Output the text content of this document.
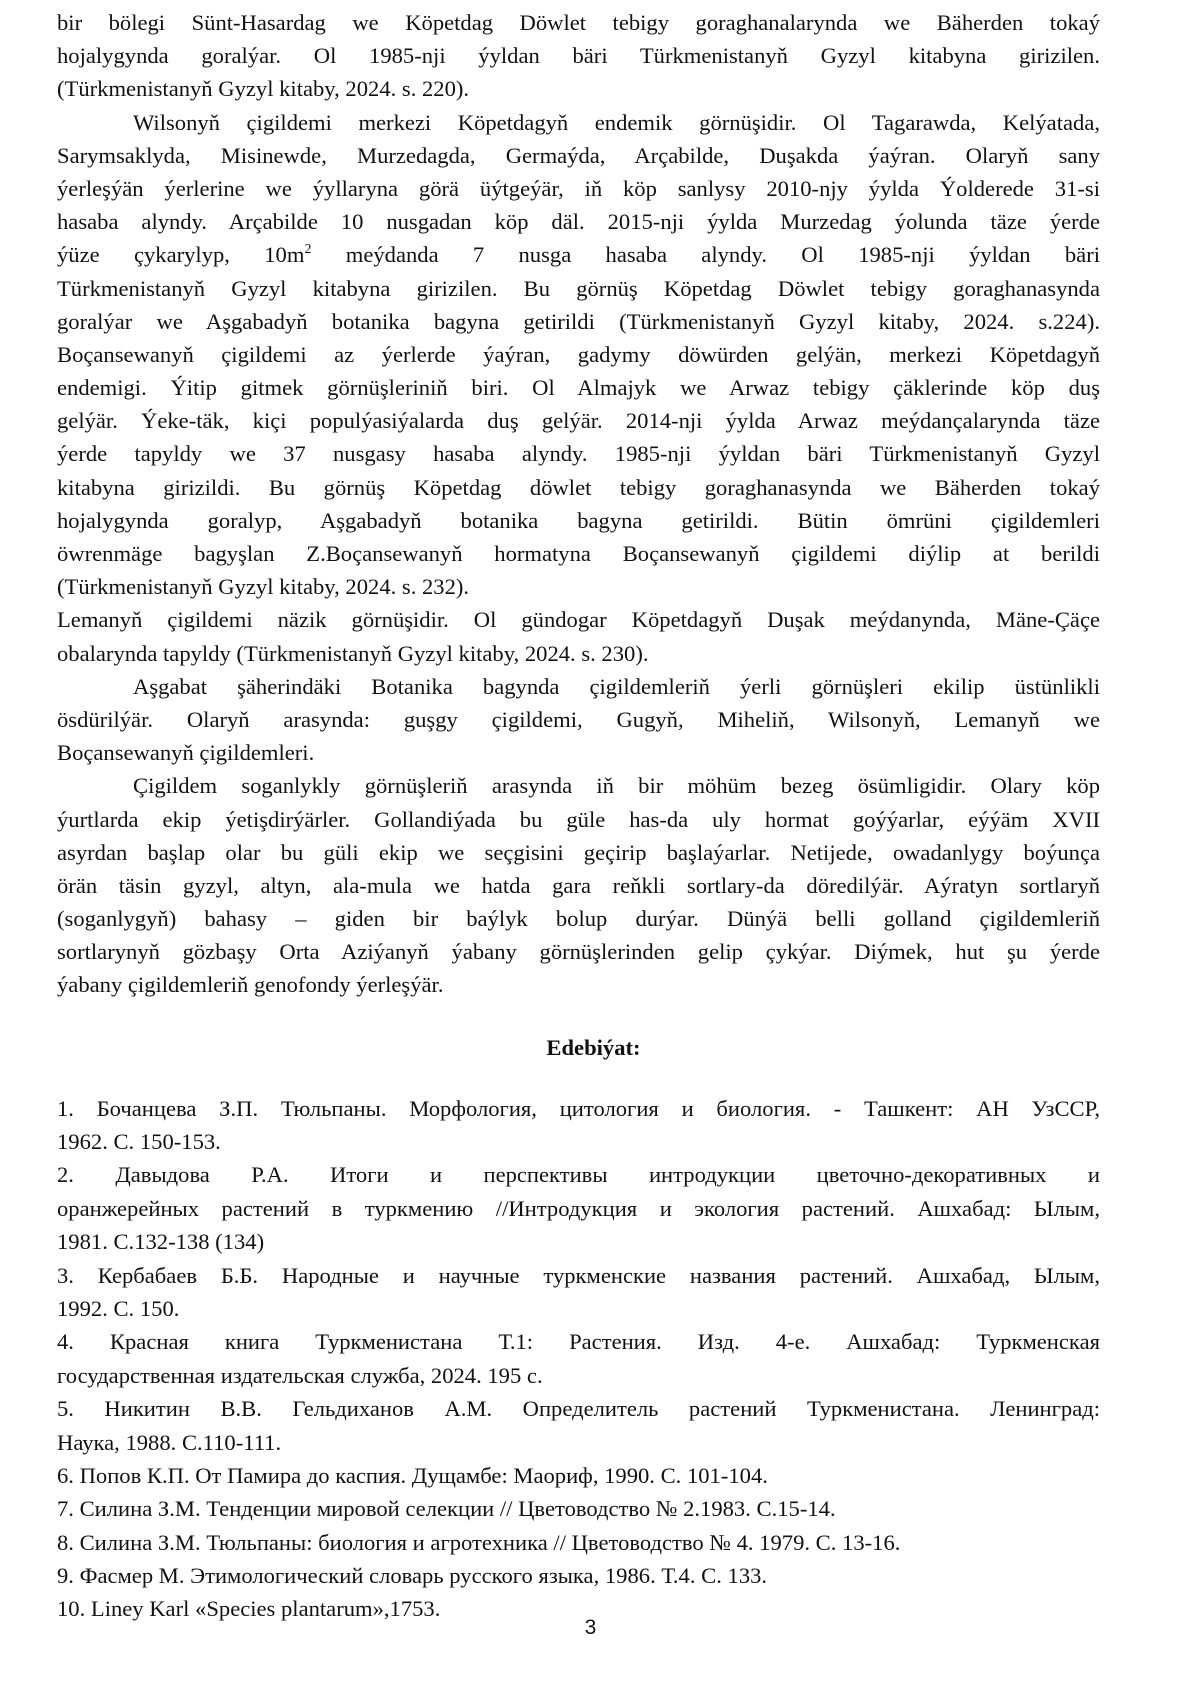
bir bölegi Sünt-Hasardag we Köpetdag Döwlet tebigy goraghanalarynda we Bäherden tokaý
hojalygynda goralýar. Ol 1985-nji ýyldan bäri Türkmenistanyň Gyzyl kitabyna girizilen.
(Türkmenistanyň Gyzyl kitaby, 2024. s. 220).
Wilsonyň çigildemi merkezi Köpetdagyň endemik görnüşidir. Ol Tagarawda, Kelýatada,
Sarymsaklyda, Misinewde, Murzedagda, Germaýda, Arçabilde, Duşakda ýaýran. Olaryň sany
ýerleşýän ýerlerine we ýyllaryna görä üýtgeýär, iň köp sanlysy 2010-njy ýylda Ýolderede 31-si
hasaba alyndy. Arçabilde 10 nusgadan köp däl. 2015-nji ýylda Murzedag ýolunda täze ýerde
ýüze çykarylyp, $10m^2$ meýdanda 7 nusga hasaba alyndy. Ol 1985-nji ýyldan bäri
Türkmenistanyň Gyzyl kitabyna girizilen. Bu görnüş Köpetdag Döwlet tebigy goraghanasynda
goralýar we Aşgabadyň botanika bagyna getirildi (Türkmenistanyň Gyzyl kitaby, 2024. s.224).
Boçansewanyň çigildemi az ýerlerde ýaýran, gadymy döwürden gelýän, merkezi Köpetdagyň
endemigi. Ýitip gitmek görnüşleriniň biri. Ol Almajyk we Arwaz tebigy çäklerinde köp duş
gelýär. Ýeke-täk, kiçi populýasiýalarda duş gelýär. 2014-nji ýylda Arwaz meýdançalarynda täze
ýerde tapyldy we 37 nusgasy hasaba alyndy. 1985-nji ýyldan bäri Türkmenistanyň Gyzyl
kitabyna girizildi. Bu görnüş Köpetdag döwlet tebigy goraghanasynda we Bäherden tokaý
hojalygynda goralyp, Aşgabadyň botanika bagyna getirildi. Bütin ömrüni çigildemleri
öwrenmäge bagyşlan Z.Boçansewanyň hormatyna Boçansewanyň çigildemi diýlip at berildi
(Türkmenistanyň Gyzyl kitaby, 2024. s. 232).
Lemanyň çigildemi näzik görnüşidir. Ol gündogar Köpetdagyň Duşak meýdanynda, Mäne-Çäçe
obalarynda tapyldy (Türkmenistanyň Gyzyl kitaby, 2024. s. 230).
Aşgabat şäherindäki Botanika bagynda çigildemleriň ýerli görnüşleri ekilip üstünlikli
ösdürilýär. Olaryň arasynda: guşgy çigildemi, Gugyň, Miheliň, Wilsonyň, Lemanyň we
Boçansewanyň çigildemleri.
Çigildem soganlykly görnüşleriň arasynda iň bir möhüm bezeg ösümligidir. Olary köp
ýurtlarda ekip ýetişdirýärler. Gollandiýada bu güle has-da uly hormat goýýarlar, eýýäm XVII
asyrdan başlap olar bu güli ekip we seçgisini geçirip başlaýarlar. Netijede, owadanlygy boýunça
örän täsin gyzyl, altyn, ala-mula we hatda gara reňkli sortlary-da döredilýär. Aýratyn sortlaryň
(soganlygyň) bahasy – giden bir baýlyk bolup durýar. Dünýä belli golland çigildemleriň
sortlarynyň gözbaşy Orta Aziýanyň ýabany görnüşlerinden gelip çykýar. Diýmek, hut şu ýerde
ýabany çigildemleriň genofondy ýerleşýär.
Edebiýat:
1. Бочанцева З.П. Тюльпаны. Морфология, цитология и биология. - Ташкент: АН УзССР,
1962. С. 150-153.
2. Давыдова Р.А. Итоги и перспективы интродукции цветочно-декоративных и
оранжерейных растений в туркмению //Интродукция и экология растений. Ашхабад: Ылым,
1981. С.132-138 (134)
3. Кербабаев Б.Б. Народные и научные туркменские названия растений. Ашхабад, Ылым,
1992. С. 150.
4. Красная книга Туркменистана Т.1: Растения. Изд. 4-е. Ашхабад: Туркменская
государственная издательская служба, 2024. 195 с.
5. Никитин В.В. Гельдиханов А.М. Определитель растений Туркменистана. Ленинград:
Наука, 1988. С.110-111.
6. Попов К.П. От Памира до каспия. Дущамбе: Маориф, 1990. С. 101-104.
7. Силина З.М. Тенденции мировой селекции // Цветоводство № 2.1983. С.15-14.
8. Силина З.М. Тюльпаны: биология и агротехника // Цветоводство № 4. 1979. С. 13-16.
9. Фасмер М. Этимологический словарь русского языка, 1986. Т.4. С. 133.
10. Liney Karl «Species plantarum»,1753.
3
